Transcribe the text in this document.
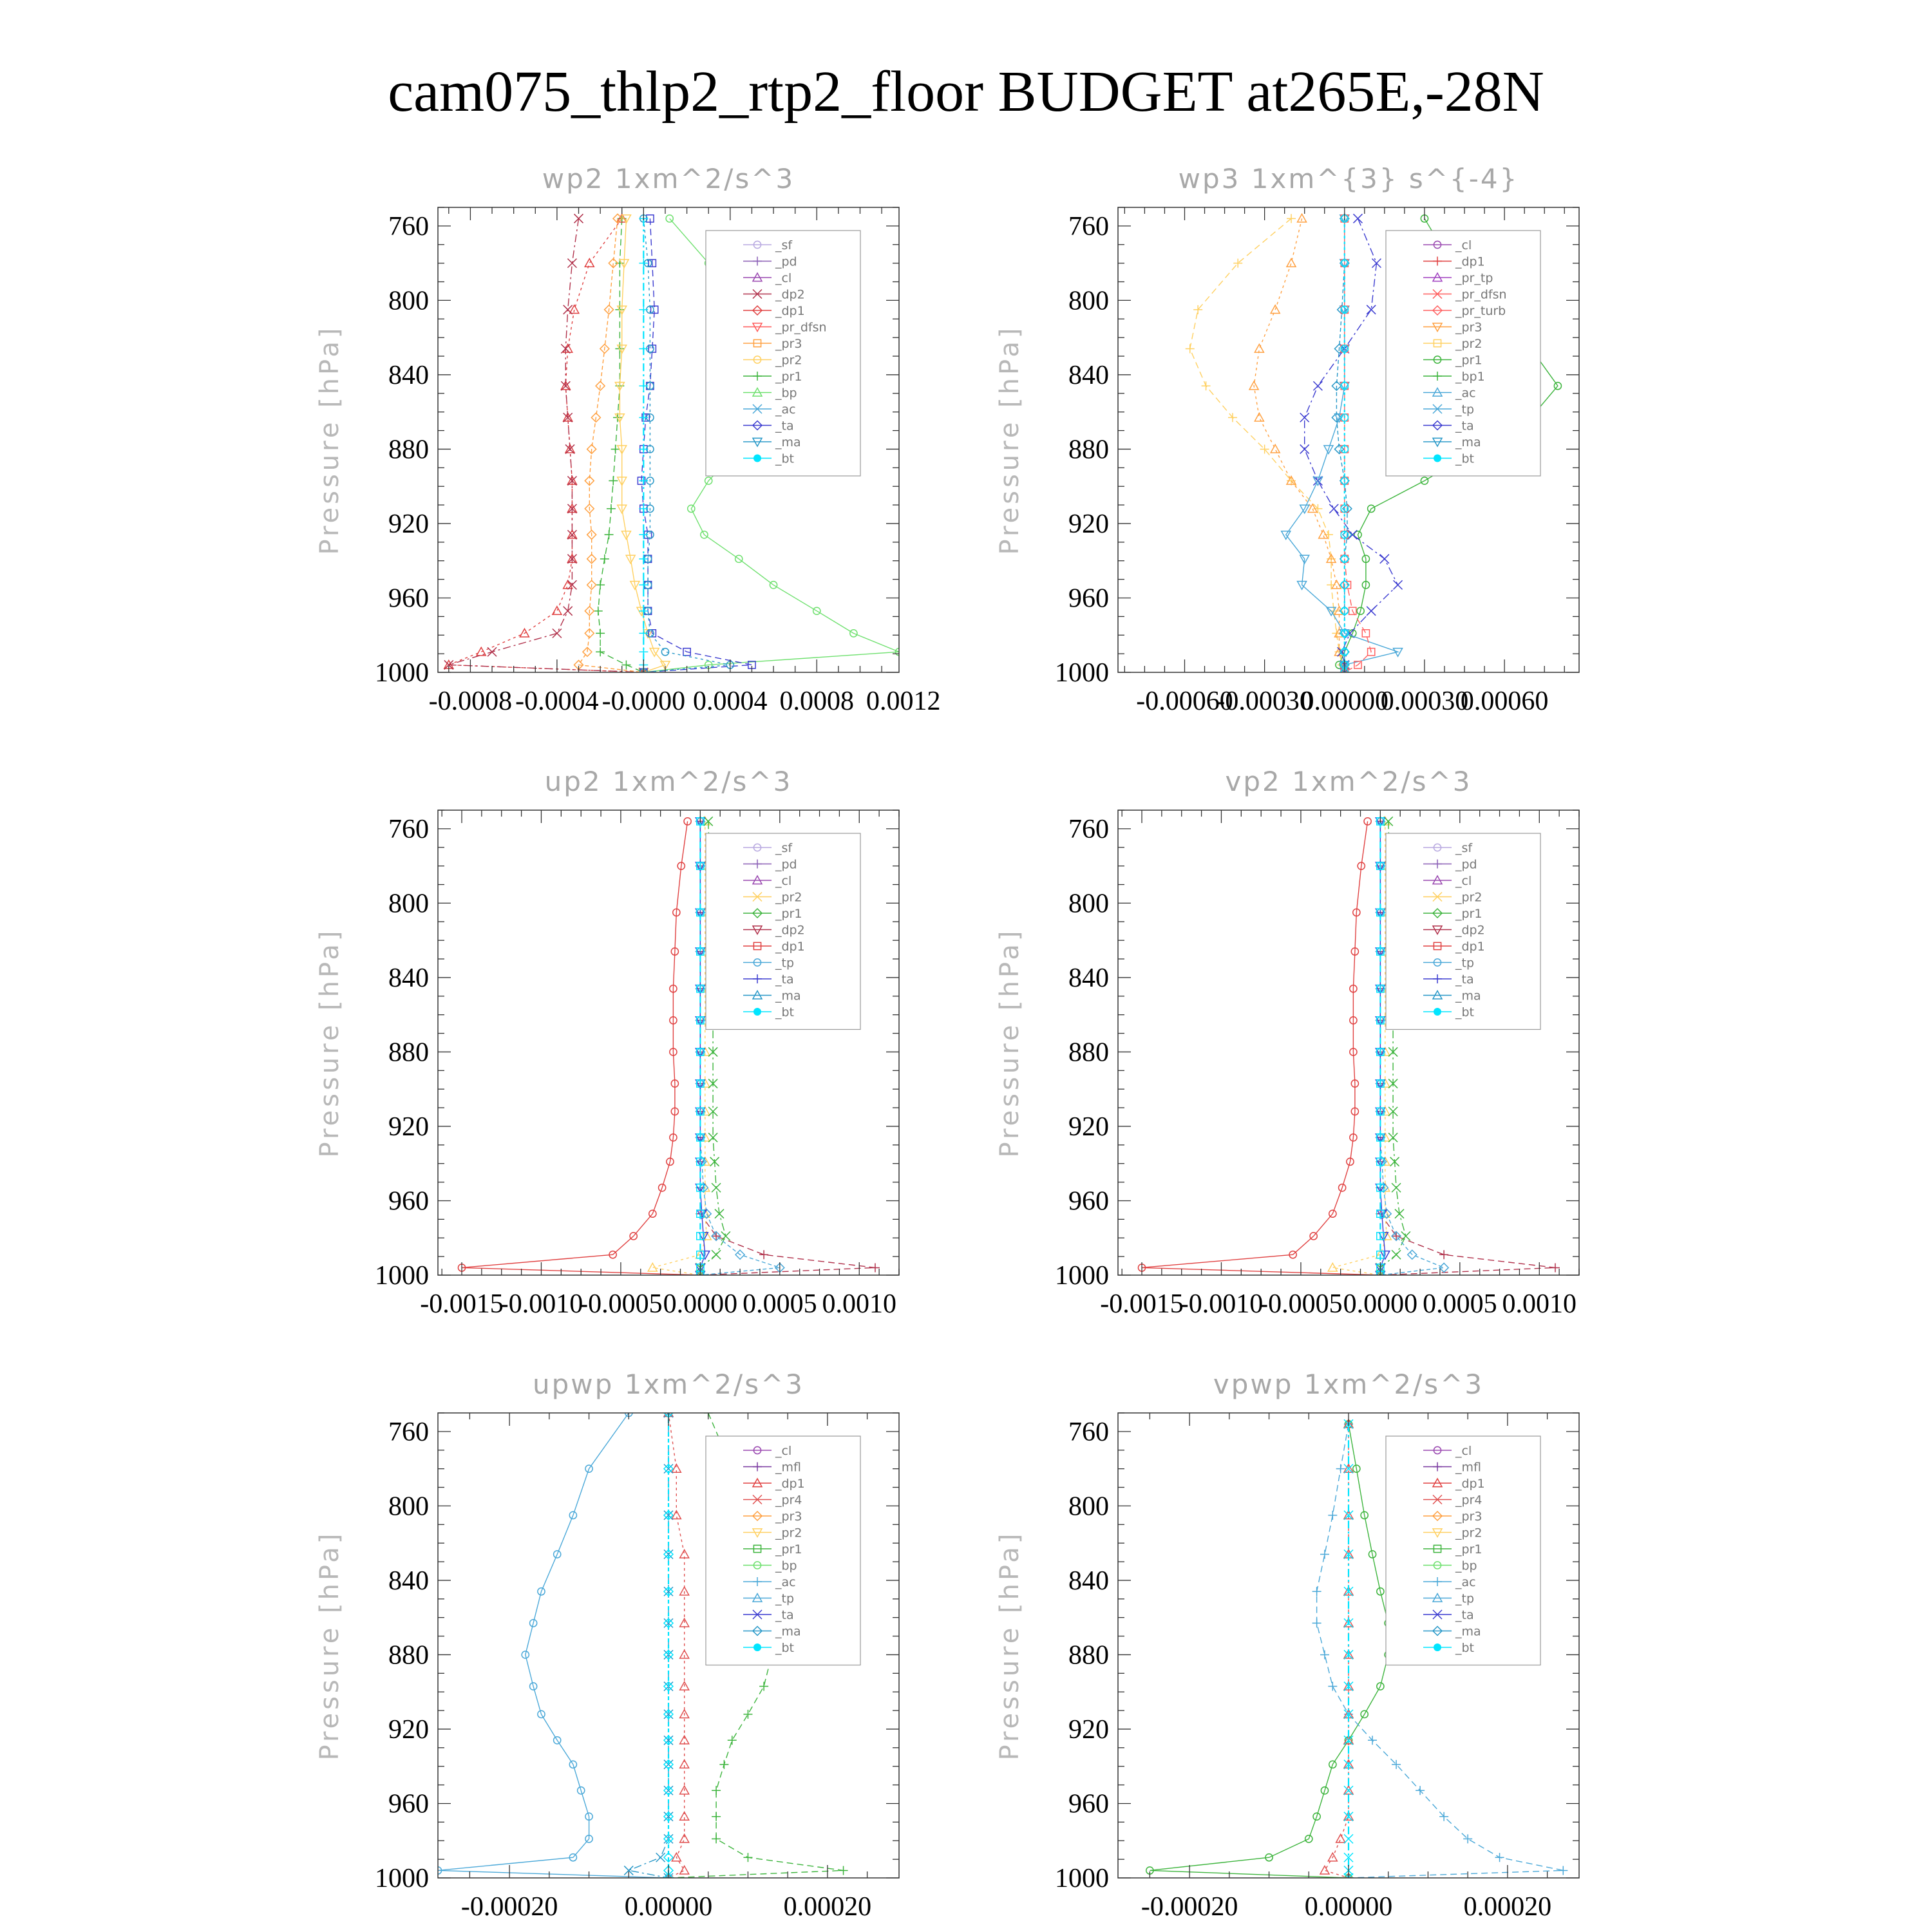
cam075_thlp2_rtp2_floor BUDGET at265E,-28N
wp2 1xm^2/s^3
Pressure [hPa]
760
800
840
880
920
960
1000
-0.0008 -0.0004 -0.0000 0.0004 0.0008 0.0012
_sf
_pd
_cl
_dp2
_dp1
_pr_dfsn
_pr3
_pr2
_pr1
_bp
_ac
_ta
_ma
_bt
wp3 1xm^{3} s^{-4}
Pressure [hPa]
760
800
840
880
920
960
1000
-0.00060
-0.00030
0.00000
0.00030
0.00060
_cl
_dp1
_pr_tp
_pr_dfsn
_pr_turb
_pr3
_pr2
_pr1
_bp1
_ac
_tp
_ta
_ma
_bt
up2 1xm^2/s^3
Pressure [hPa]
760
800
840
880
920
960
1000
-0.0015
-0.0010
-0.0005 0.0000 0.0005 0.0010
_sf
_pd
_cl
_pr2
_pr1
_dp2
_dp1
_tp
_ta
_ma
_bt
vp2 1xm^2/s^3
Pressure [hPa]
760
800
840
880
920
960
1000
-0.0015
-0.0010
-0.0005 0.0000 0.0005 0.0010
_sf
_pd
_cl
_pr2
_pr1
_dp2
_dp1
_tp
_ta
_ma
_bt
upwp 1xm^2/s^3
Pressure [hPa]
760
800
840
880
920
960
1000
-0.00020 0.00000	0.00020
_cl
_mfl
_dp1
_pr4
_pr3
_pr2
_pr1
_bp
_ac
_tp
_ta
_ma
_bt
vpwp 1xm^2/s^3
Pressure [hPa]
760
800
840
880
920
960
1000
-0.00020 0.00000	0.00020
_cl
_mfl
_dp1
_pr4
_pr3
_pr2
_pr1
_bp
_ac
_tp
_ta
_ma
_bt
